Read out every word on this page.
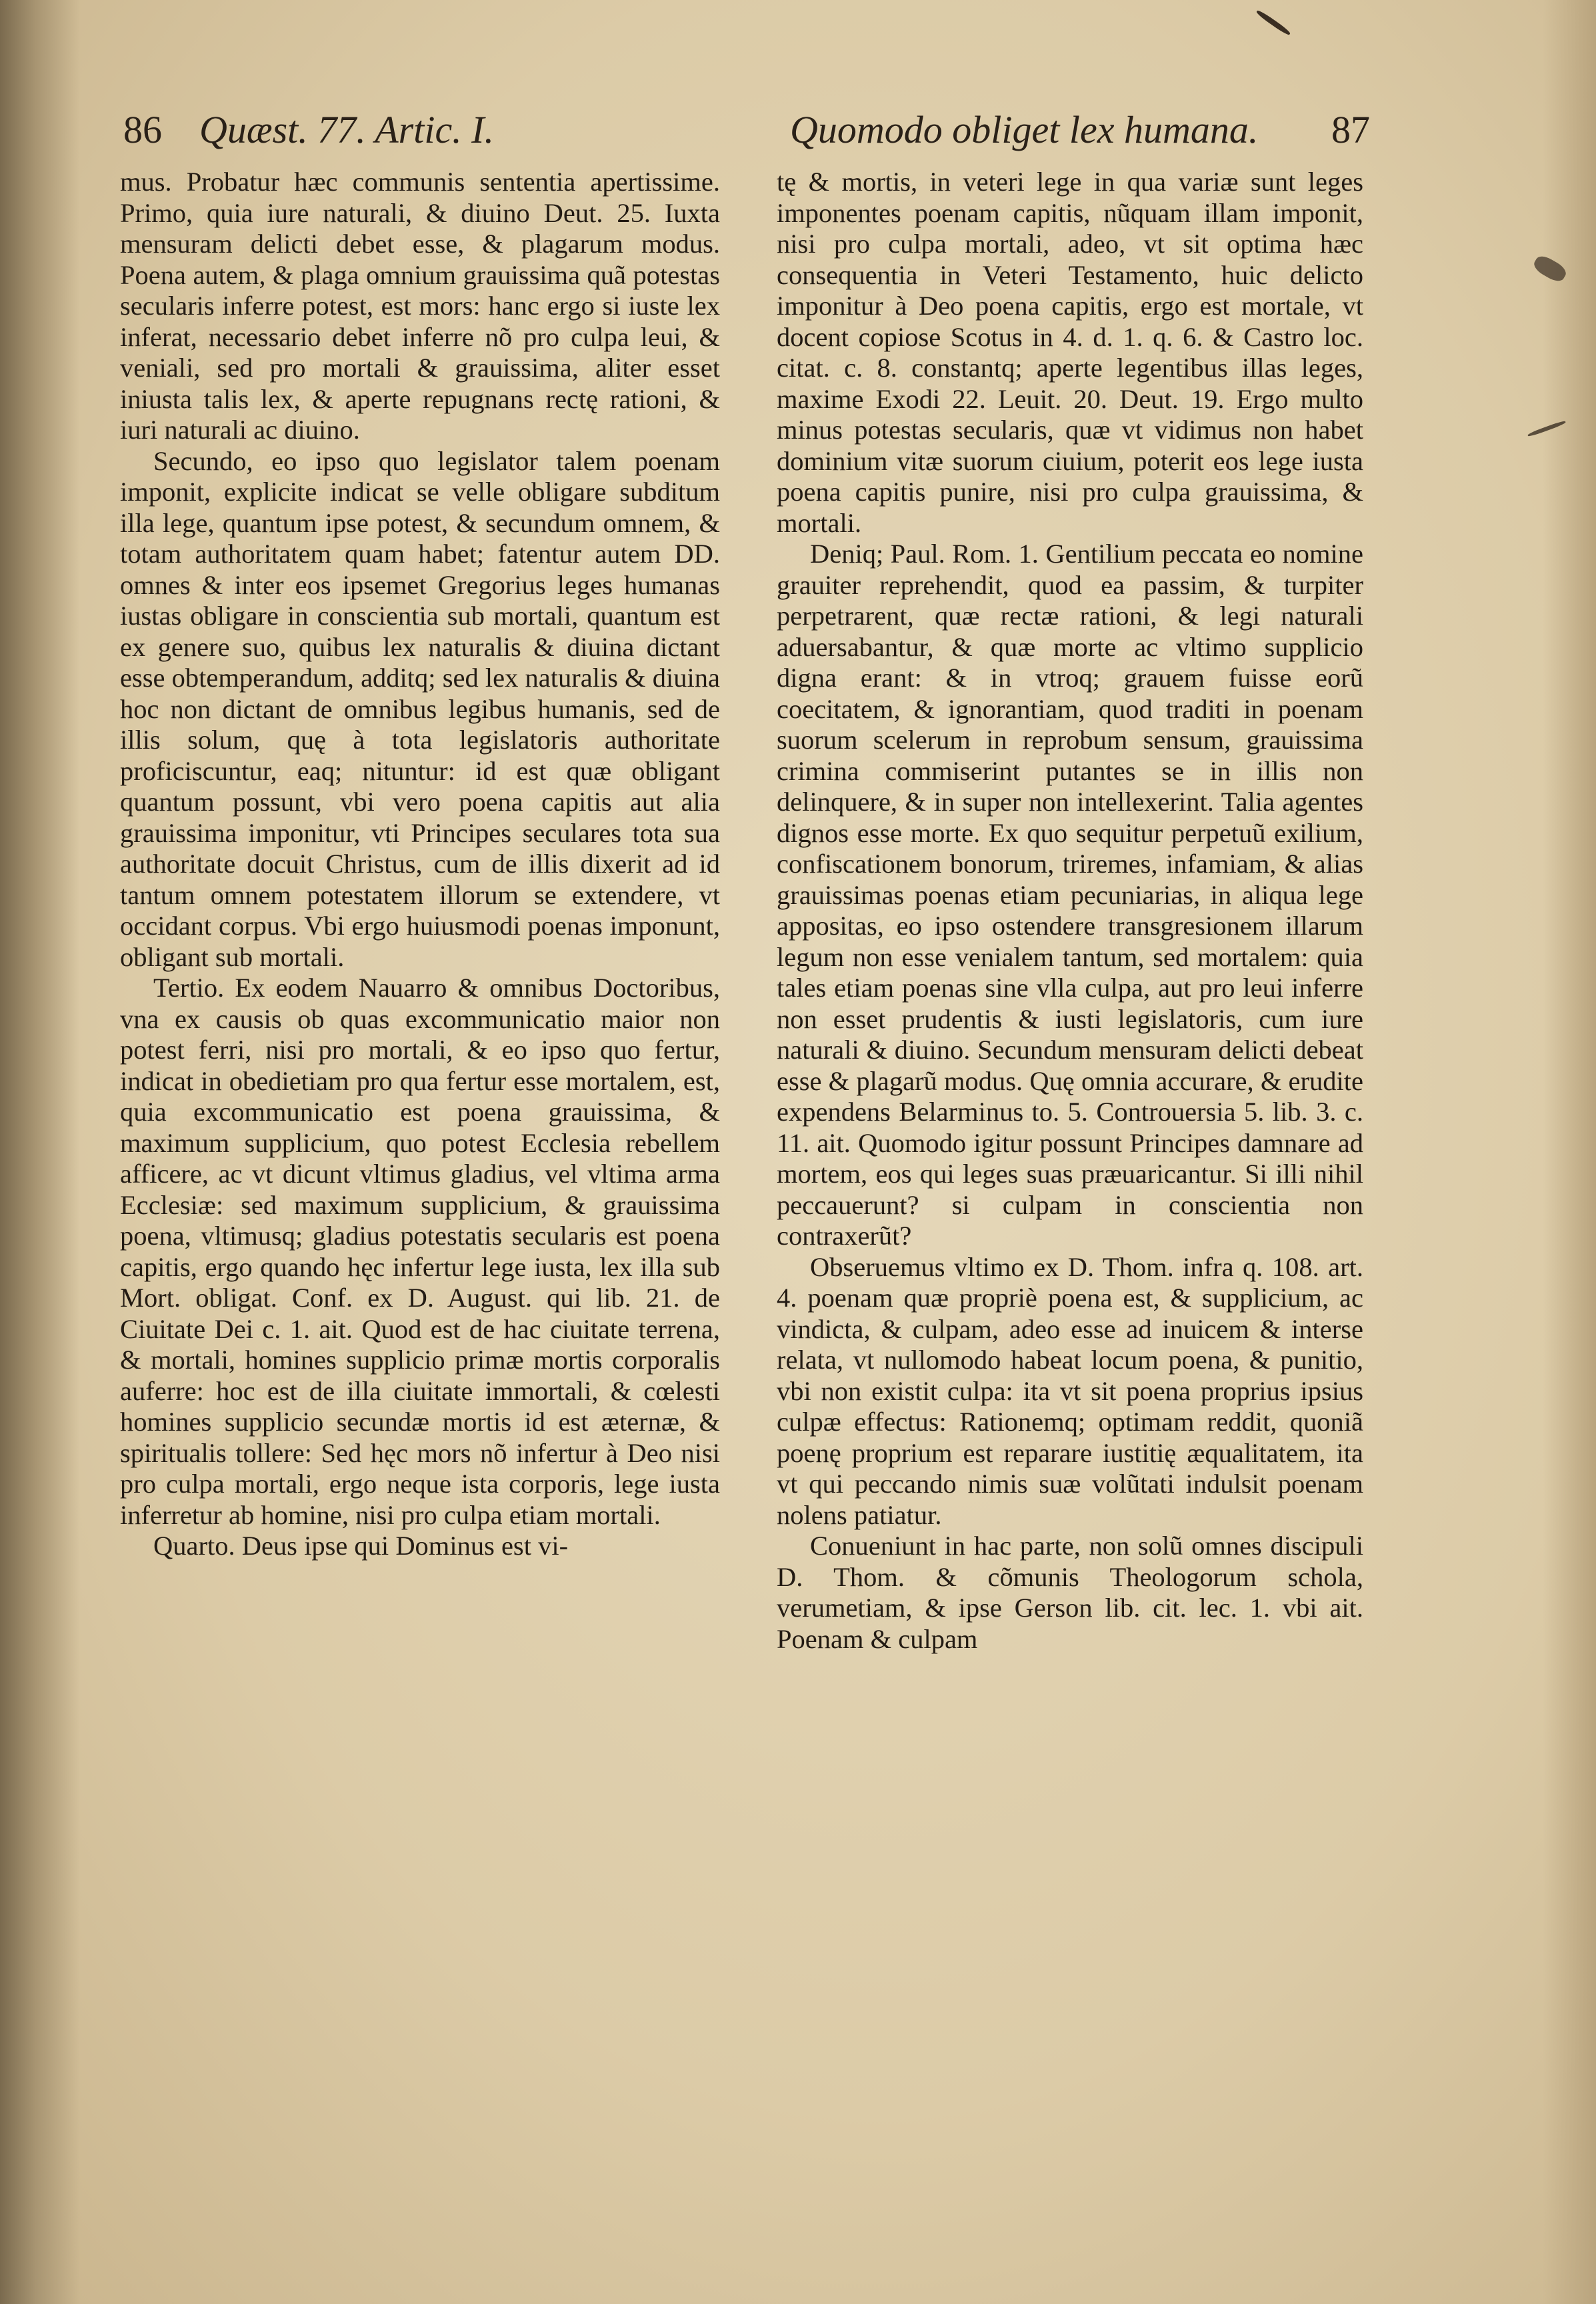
86 Quæst. 77. Artic. I.

mus. Probatur hæc communis sententia apertissime. Primo, quia iure naturali, & diuino Deut. 25. Iuxta mensuram delicti debet esse, & plagarum modus. Poena autem, & plaga omnium grauissima quã potestas secularis inferre potest, est mors: hanc ergo si iuste lex inferat, necessario debet inferre nõ pro culpa leui, & veniali, sed pro mortali & grauissima, aliter esset iniusta talis lex, & aperte repugnans rectę rationi, & iuri naturali ac diuino.

Secundo, eo ipso quo legislator talem poenam imponit, explicite indicat se velle obligare subditum illa lege, quantum ipse potest, & secundum omnem, & totam authoritatem quam habet; fatentur autem DD. omnes & inter eos ipsemet Gregorius leges humanas iustas obligare in conscientia sub mortali, quantum est ex genere suo, quibus lex naturalis & diuina dictant esse obtemperandum, additq; sed lex naturalis & diuina hoc non dictant de omnibus legibus humanis, sed de illis solum, quę à tota legislatoris authoritate proficiscuntur, eaq; nituntur: id est quæ obligant quantum possunt, vbi vero poena capitis aut alia grauissima imponitur, vti Principes seculares tota sua authoritate docuit Christus, cum de illis dixerit ad id tantum omnem potestatem illorum se extendere, vt occidant corpus. Vbi ergo huiusmodi poenas imponunt, obligant sub mortali.

Tertio. Ex eodem Nauarro & omnibus Doctoribus, vna ex causis ob quas excommunicatio maior non potest ferri, nisi pro mortali, & eo ipso quo fertur, indicat in obedietiam pro qua fertur esse mortalem, est, quia excommunicatio est poena grauissima, & maximum supplicium, quo potest Ecclesia rebellem afficere, ac vt dicunt vltimus gladius, vel vltima arma Ecclesiæ: sed maximum supplicium, & grauissima poena, vltimusq; gladius potestatis secularis est poena capitis, ergo quando hęc infertur lege iusta, lex illa sub Mort. obligat. Conf. ex D. August. qui lib. 21. de Ciuitate Dei c. 1. ait. Quod est de hac ciuitate terrena, & mortali, homines supplicio primæ mortis corporalis auferre: hoc est de illa ciuitate immortali, & cœlesti homines supplicio secundæ mortis id est æternæ, & spiritualis tollere: Sed hęc mors nõ infertur à Deo nisi pro culpa mortali, ergo neque ista corporis, lege iusta inferretur ab homine, nisi pro culpa etiam mortali.

Quarto. Deus ipse qui Dominus est vi-

Quomodo obliget lex humana. 87

tę & mortis, in veteri lege in qua variæ sunt leges imponentes poenam capitis, nũquam illam imponit, nisi pro culpa mortali, adeo, vt sit optima hæc consequentia in Veteri Testamento, huic delicto imponitur à Deo poena capitis, ergo est mortale, vt docent copiose Scotus in 4. d. 1. q. 6. & Castro loc. citat. c. 8. constantq; aperte legentibus illas leges, maxime Exodi 22. Leuit. 20. Deut. 19. Ergo multo minus potestas secularis, quæ vt vidimus non habet dominium vitæ suorum ciuium, poterit eos lege iusta poena capitis punire, nisi pro culpa grauissima, & mortali.

Deniq; Paul. Rom. 1. Gentilium peccata eo nomine grauiter reprehendit, quod ea passim, & turpiter perpetrarent, quæ rectæ rationi, & legi naturali aduersabantur, & quæ morte ac vltimo supplicio digna erant: & in vtroq; grauem fuisse eorũ coecitatem, & ignorantiam, quod traditi in poenam suorum scelerum in reprobum sensum, grauissima crimina commiserint putantes se in illis non delinquere, & in super non intellexerint. Talia agentes dignos esse morte. Ex quo sequitur perpetuũ exilium, confiscationem bonorum, triremes, infamiam, & alias grauissimas poenas etiam pecuniarias, in aliqua lege appositas, eo ipso ostendere transgresionem illarum legum non esse venialem tantum, sed mortalem: quia tales etiam poenas sine vlla culpa, aut pro leui inferre non esset prudentis & iusti legislatoris, cum iure naturali & diuino. Secundum mensuram delicti debeat esse & plagarũ modus. Quę omnia accurare, & erudite expendens Belarminus to. 5. Controuersia 5. lib. 3. c. 11. ait. Quomodo igitur possunt Principes damnare ad mortem, eos qui leges suas præuaricantur. Si illi nihil peccauerunt? si culpam in conscientia non contraxerũt?

Obseruemus vltimo ex D. Thom. infra q. 108. art. 4. poenam quæ propriè poena est, & supplicium, ac vindicta, & culpam, adeo esse ad inuicem & interse relata, vt nullomodo habeat locum poena, & punitio, vbi non existit culpa: ita vt sit poena proprius ipsius culpæ effectus: Rationemq; optimam reddit, quoniã poenę proprium est reparare iustitię æqualitatem, ita vt qui peccando nimis suæ volũtati indulsit poenam nolens patiatur.

Conueniunt in hac parte, non solũ omnes discipuli D. Thom. & cõmunis Theologorum schola, verumetiam, & ipse Gerson lib. cit. lec. 1. vbi ait. Poenam & culpam
